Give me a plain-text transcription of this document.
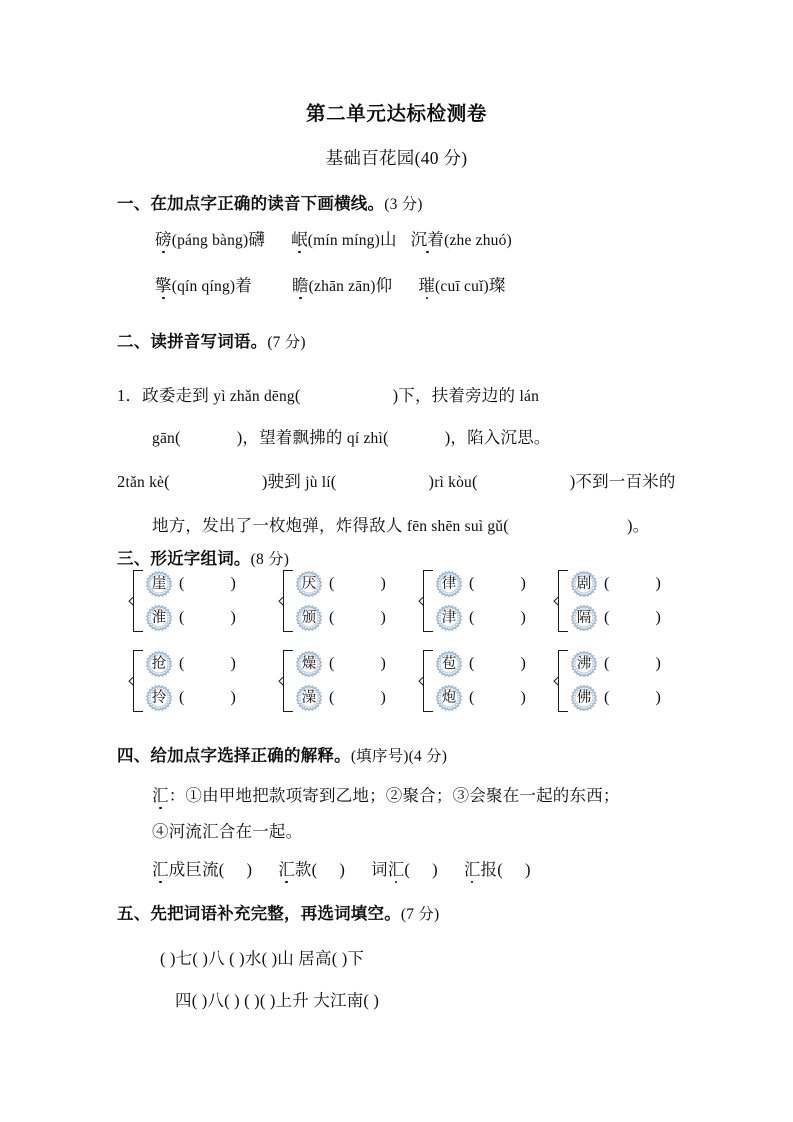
第二单元达标检测卷
基础百花园(40 分)
一、在加点字正确的读音下画横线。(3 分)
磅(páng bàng)礴 岷(mín míng)山 沉着(zhe zhuó)
擎(qín qíng)着 瞻(zhān zān)仰 璀(cuī cuǐ)璨
二、读拼音写词语。(7 分)
1．政委走到 yì zhǎn dēng(	)下，扶着旁边的 lán
gān(	)，望着飘拂的 qí zhì(	)，陷入沉思。
2tǎn kè(	)驶到 jù lí(	)rì kòu(	)不到一百米的
地方，发出了一枚炮弹，炸得敌人 fēn shēn suì gǔ(	)。
三、形近字组词。(8 分)
崖 (	)
淮 (	)
厌 (	)
颁 (	)
律 (	)
津 (	)
剧 (	)
隔 (	)
抢 (	)
拎 (	)
燥 (	)
澡 (	)
苞 (	)
炮 (	)
沸 (	)
佛 (	)
四、给加点字选择正确的解释。(填序号)(4 分)
汇：①由甲地把款项寄到乙地；②聚合；③会聚在一起的东西；
④河流汇合在一起。
汇成巨流( ) 汇款( ) 词汇( ) 汇报( )
五、先把词语补充完整，再选词填空。(7 分)
( )七( )八 ( )水( )山 居高( )下
四( )八( ) ( )( )上升 大江南( )
